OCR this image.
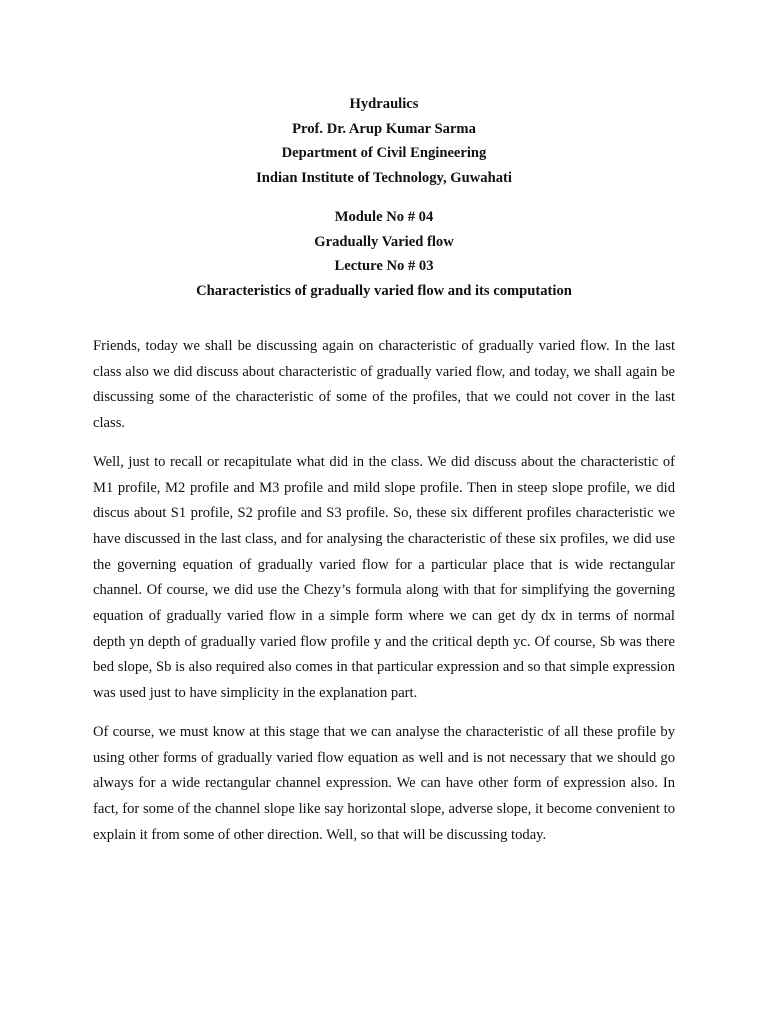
Hydraulics
Prof. Dr. Arup Kumar Sarma
Department of Civil Engineering
Indian Institute of Technology, Guwahati
Module No # 04
Gradually Varied flow
Lecture No # 03
Characteristics of gradually varied flow and its computation

Friends, today we shall be discussing again on characteristic of gradually varied flow. In the last class also we did discuss about characteristic of gradually varied flow, and today, we shall again be discussing some of the characteristic of some of the profiles, that we could not cover in the last class.

Well, just to recall or recapitulate what did in the class. We did discuss about the characteristic of M1 profile, M2 profile and M3 profile and mild slope profile. Then in steep slope profile, we did discus about S1 profile, S2 profile and S3 profile. So, these six different profiles characteristic we have discussed in the last class, and for analysing the characteristic of these six profiles, we did use the governing equation of gradually varied flow for a particular place that is wide rectangular channel. Of course, we did use the Chezy’s formula along with that for simplifying the governing equation of gradually varied flow in a simple form where we can get dy dx in terms of normal depth yn depth of gradually varied flow profile y and the critical depth yc. Of course, Sb was there bed slope, Sb is also required also comes in that particular expression and so that simple expression was used just to have simplicity in the explanation part.

Of course, we must know at this stage that we can analyse the characteristic of all these profile by using other forms of gradually varied flow equation as well and is not necessary that we should go always for a wide rectangular channel expression. We can have other form of expression also. In fact, for some of the channel slope like say horizontal slope, adverse slope, it become convenient to explain it from some of other direction. Well, so that will be discussing today.
